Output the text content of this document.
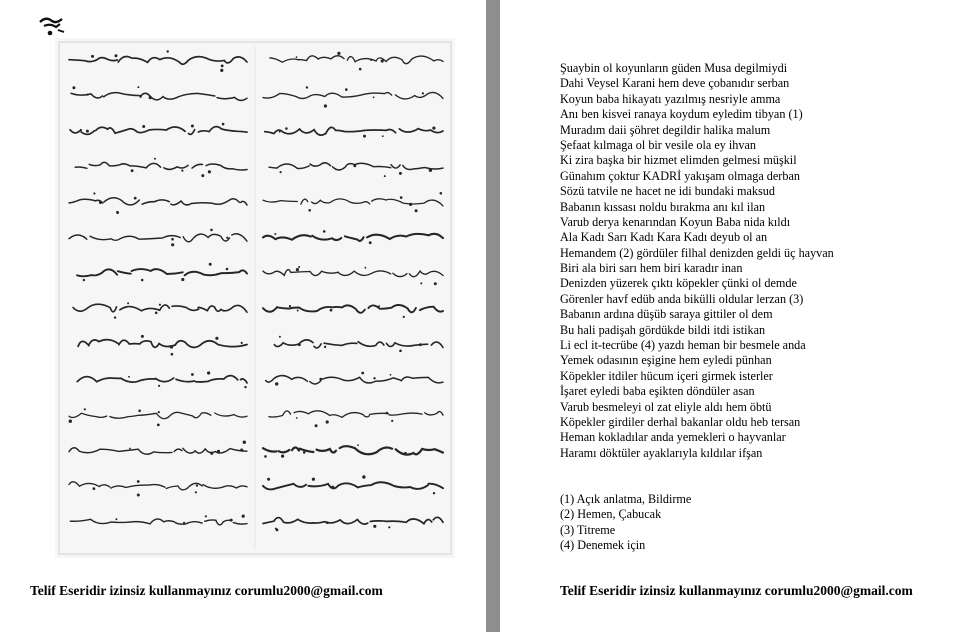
Telif Eseridir izinsiz kullanmayınız corumlu2000@gmail.com
Şuaybin ol koyunların güden Musa degilmiydi
Dahi Veysel Karani hem deve çobanıdır serban
Koyun baba hikayatı yazılmış nesriyle amma
Anı ben kisvei ranaya koydum eyledim tibyan (1)
Muradım daii şöhret degildir halika malum
Şefaat kılmaga ol bir vesile ola ey ihvan
Ki zira başka bir hizmet elimden gelmesi müşkil
Günahım çoktur KADRİ yakışam olmaga derban
Sözü tatvile ne hacet ne idi bundaki maksud
Babanın kıssası noldu bırakma anı kıl ilan
Varub derya kenarından Koyun Baba nida kıldı
Ala Kadı Sarı Kadı Kara Kadı deyub ol an
Hemandem (2) gördüler filhal denizden geldi üç hayvan
Biri ala biri sarı hem biri karadır inan
Denizden yüzerek çıktı köpekler çünki ol demde
Görenler havf edüb anda bikülli oldular lerzan (3)
Babanın ardına düşüb saraya gittiler ol dem
Bu hali padişah gördükde bildi itdi istikan
Li ecl it-tecrübe (4) yazdı heman bir besmele anda
Yemek odasının eşigine hem eyledi pünhan
Köpekler itdiler hücum içeri girmek isterler
İşaret eyledi baba eşikten döndüler asan
Varub besmeleyi ol zat eliyle aldı hem öbtü
Köpekler girdiler derhal bakanlar oldu heb tersan
Heman kokladılar anda yemekleri o hayvanlar
Haramı döktüler ayaklarıyla kıldılar ifşan
(1) Açık anlatma, Bildirme
(2) Hemen, Çabucak
(3) Titreme
(4) Denemek için
Telif Eseridir izinsiz kullanmayınız corumlu2000@gmail.com
